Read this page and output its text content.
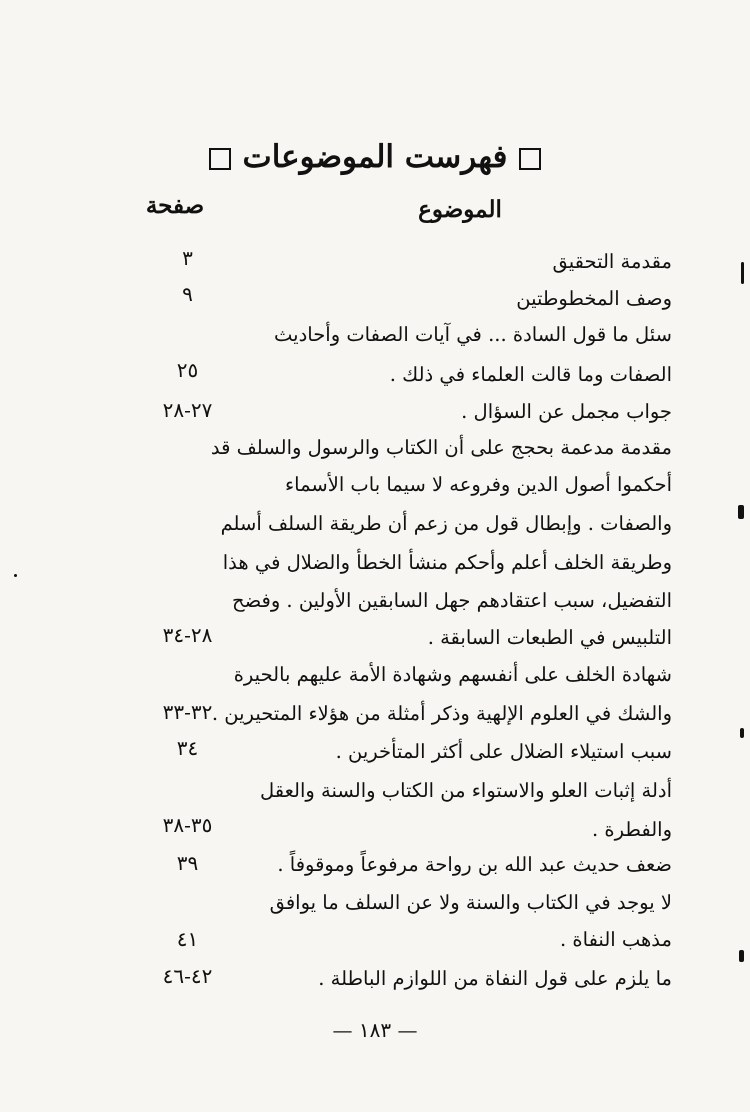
فهرست الموضوعات
الموضوع
صفحة
مقدمة التحقيق
وصف المخطوطتين
سئل ما قول السادة ... في آيات الصفات وأحاديث
الصفات وما قالت العلماء في ذلك .
جواب مجمل عن السؤال .
مقدمة مدعمة بحجج على أن الكتاب والرسول والسلف قد
أحكموا أصول الدين وفروعه لا سيما باب الأسماء
والصفات . وإبطال قول من زعم أن طريقة السلف أسلم
وطريقة الخلف أعلم وأحكم منشأ الخطأ والضلال في هذا
التفضيل، سبب اعتقادهم جهل السابقين الأولين . وفضح
التلبيس في الطبعات السابقة .
شهادة الخلف على أنفسهم وشهادة الأمة عليهم بالحيرة
والشك في العلوم الإلهية وذكر أمثلة من هؤلاء المتحيرين .
سبب استيلاء الضلال على أكثر المتأخرين .
أدلة إثبات العلو والاستواء من الكتاب والسنة والعقل
والفطرة .
ضعف حديث عبد الله بن رواحة مرفوعاً وموقوفاً .
لا يوجد في الكتاب والسنة ولا عن السلف ما يوافق
مذهب النفاة .
ما يلزم على قول النفاة من اللوازم الباطلة .
٣
٩
٢٥
٢٧-٢٨
٢٨-٣٤
٣٢-٣٣
٣٤
٣٥-٣٨
٣٩
٤١
٤٢-٤٦
— ١٨٣ —
